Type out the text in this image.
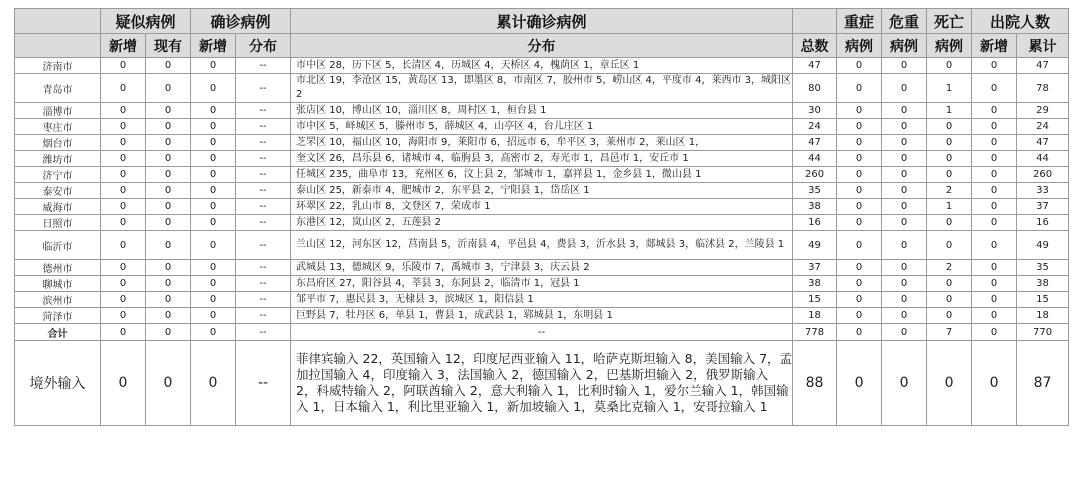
	疑似病例		确诊病例		累计确诊病例		重症	危重	死亡	出院人数	
	新增	现有	新增	分布	分布	总数	病例	病例	病例	新增	累计
济南市	0	0	0	--	市中区 28，历下区 5，长清区 4，历城区 4，天桥区 4，槐荫区 1，章丘区 1	47	0	0	0	0	47
青岛市	0	0	0	--	市北区 19，李沧区 15，黄岛区 13，即墨区 8，市南区 7，胶州市 5，崂山区 4，平度市 4，莱西市 3，城阳区 2	80	0	0	1	0	78
淄博市	0	0	0	--	张店区 10，博山区 10，淄川区 8，周村区 1，桓台县 1	30	0	0	1	0	29
枣庄市	0	0	0	--	市中区 5，峄城区 5，滕州市 5，薛城区 4，山亭区 4，台儿庄区 1	24	0	0	0	0	24
烟台市	0	0	0	--	芝罘区 10，福山区 10，海阳市 9，莱阳市 6，招远市 6，牟平区 3，莱州市 2，莱山区 1，	47	0	0	0	0	47
潍坊市	0	0	0	--	奎文区 26，昌乐县 6，诸城市 4，临朐县 3，高密市 2，寿光市 1，昌邑市 1，安丘市 1	44	0	0	0	0	44
济宁市	0	0	0	--	任城区 235，曲阜市 13，兖州区 6，汶上县 2，邹城市 1，嘉祥县 1，金乡县 1，微山县 1	260	0	0	0	0	260
泰安市	0	0	0	--	泰山区 25，新泰市 4，肥城市 2，东平县 2，宁阳县 1，岱岳区 1	35	0	0	2	0	33
威海市	0	0	0	--	环翠区 22，乳山市 8，文登区 7，荣成市 1	38	0	0	1	0	37
日照市	0	0	0	--	东港区 12，岚山区 2，五莲县 2	16	0	0	0	0	16
临沂市	0	0	0	--	兰山区 12，河东区 12，莒南县 5，沂南县 4，平邑县 4，费县 3，沂水县 3，郯城县 3，临沭县 2，兰陵县 1	49	0	0	0	0	49
德州市	0	0	0	--	武城县 13，德城区 9，乐陵市 7，禹城市 3，宁津县 3，庆云县 2	37	0	0	2	0	35
聊城市	0	0	0	--	东昌府区 27，阳谷县 4，莘县 3，东阿县 2，临清市 1，冠县 1	38	0	0	0	0	38
滨州市	0	0	0	--	邹平市 7，惠民县 3，无棣县 3，滨城区 1，阳信县 1	15	0	0	0	0	15
菏泽市	0	0	0	--	巨野县 7，牡丹区 6，单县 1，曹县 1，成武县 1，郓城县 1，东明县 1	18	0	0	0	0	18
合计	0	0	0	--	--	778	0	0	7	0	770
境外输入	0	0	0	--	菲律宾输入 22，英国输入 12，印度尼西亚输入 11，哈萨克斯坦输入 8，美国输入 7，孟加拉国输入 4，印度输入 3，法国输入 2，德国输入 2，巴基斯坦输入 2，俄罗斯输入 2，科威特输入 2，阿联酋输入 2，意大利输入 1，比利时输入 1，爱尔兰输入 1，韩国输入 1，日本输入 1，利比里亚输入 1，新加坡输入 1，莫桑比克输入 1，安哥拉输入 1	88	0	0	0	0	87
